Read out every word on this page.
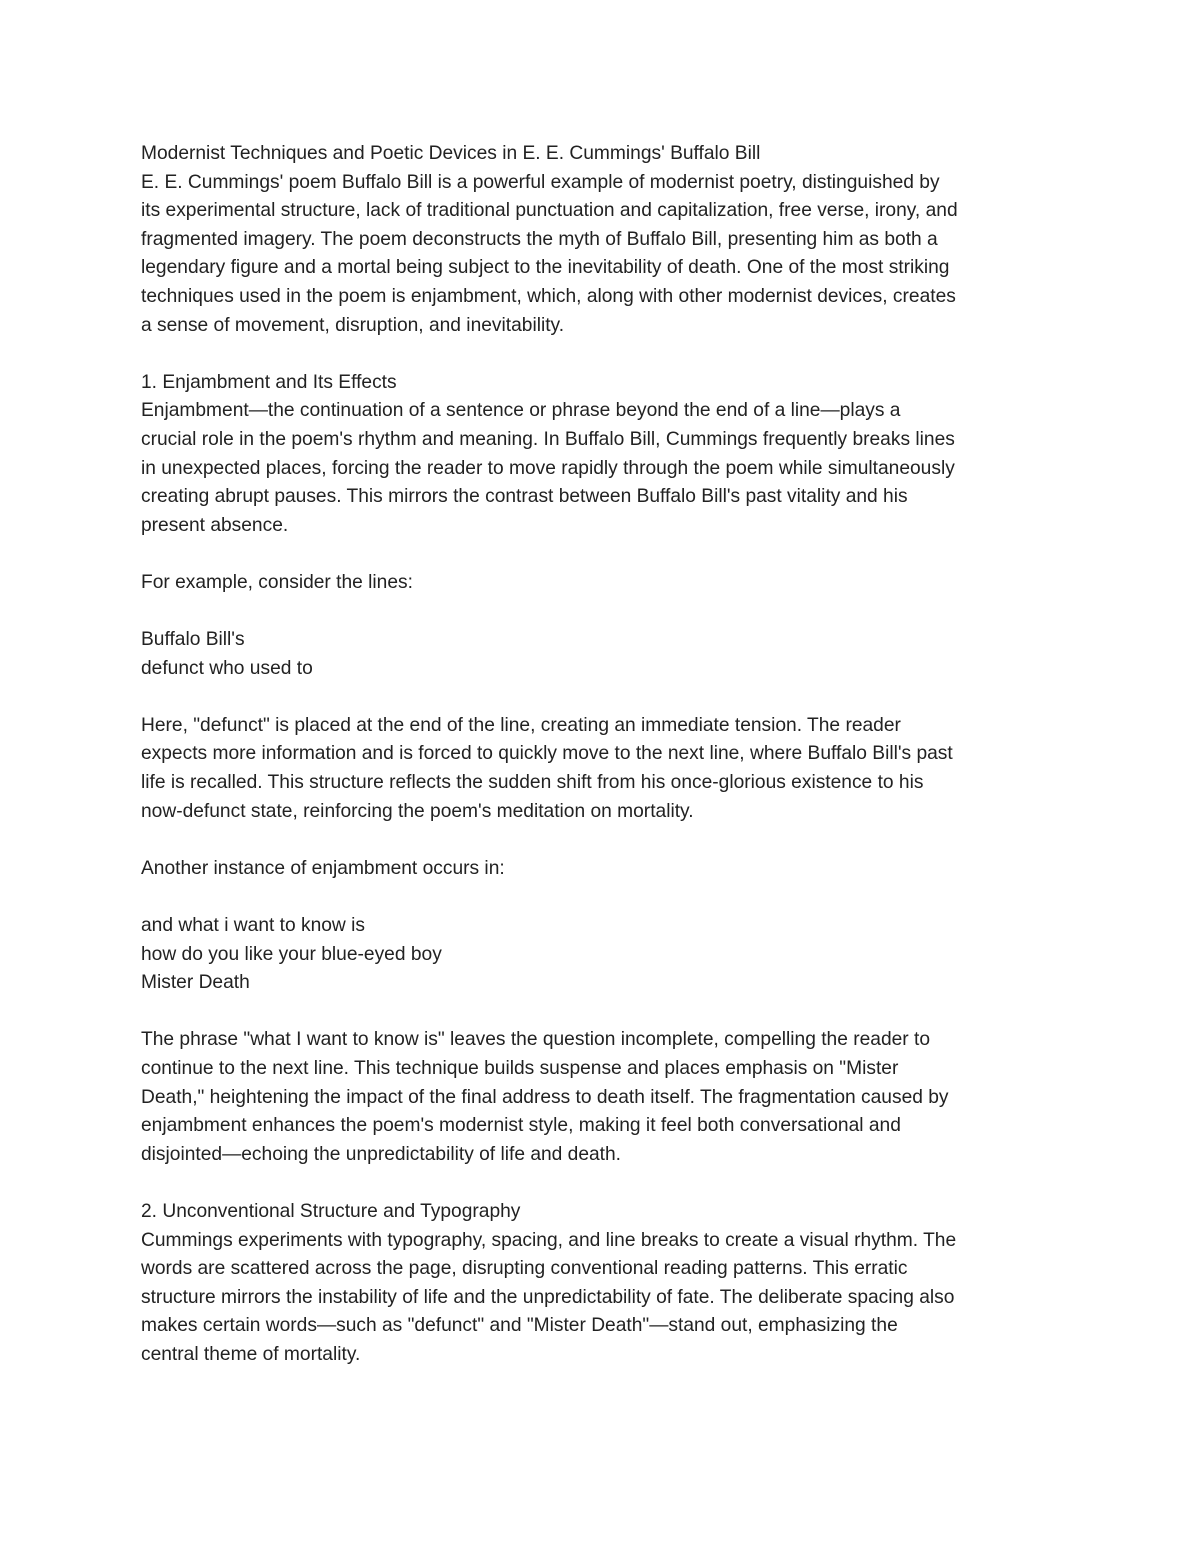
Modernist Techniques and Poetic Devices in E. E. Cummings' Buffalo Bill
E. E. Cummings' poem Buffalo Bill is a powerful example of modernist poetry, distinguished by
its experimental structure, lack of traditional punctuation and capitalization, free verse, irony, and
fragmented imagery. The poem deconstructs the myth of Buffalo Bill, presenting him as both a
legendary figure and a mortal being subject to the inevitability of death. One of the most striking
techniques used in the poem is enjambment, which, along with other modernist devices, creates
a sense of movement, disruption, and inevitability.
1. Enjambment and Its Effects
Enjambment—the continuation of a sentence or phrase beyond the end of a line—plays a
crucial role in the poem's rhythm and meaning. In Buffalo Bill, Cummings frequently breaks lines
in unexpected places, forcing the reader to move rapidly through the poem while simultaneously
creating abrupt pauses. This mirrors the contrast between Buffalo Bill's past vitality and his
present absence.
For example, consider the lines:
Buffalo Bill's
defunct who used to
Here, "defunct" is placed at the end of the line, creating an immediate tension. The reader
expects more information and is forced to quickly move to the next line, where Buffalo Bill's past
life is recalled. This structure reflects the sudden shift from his once-glorious existence to his
now-defunct state, reinforcing the poem's meditation on mortality.
Another instance of enjambment occurs in:
and what i want to know is
how do you like your blue-eyed boy
Mister Death
The phrase "what I want to know is" leaves the question incomplete, compelling the reader to
continue to the next line. This technique builds suspense and places emphasis on "Mister
Death," heightening the impact of the final address to death itself. The fragmentation caused by
enjambment enhances the poem's modernist style, making it feel both conversational and
disjointed—echoing the unpredictability of life and death.
2. Unconventional Structure and Typography
Cummings experiments with typography, spacing, and line breaks to create a visual rhythm. The
words are scattered across the page, disrupting conventional reading patterns. This erratic
structure mirrors the instability of life and the unpredictability of fate. The deliberate spacing also
makes certain words—such as "defunct" and "Mister Death"—stand out, emphasizing the
central theme of mortality.
